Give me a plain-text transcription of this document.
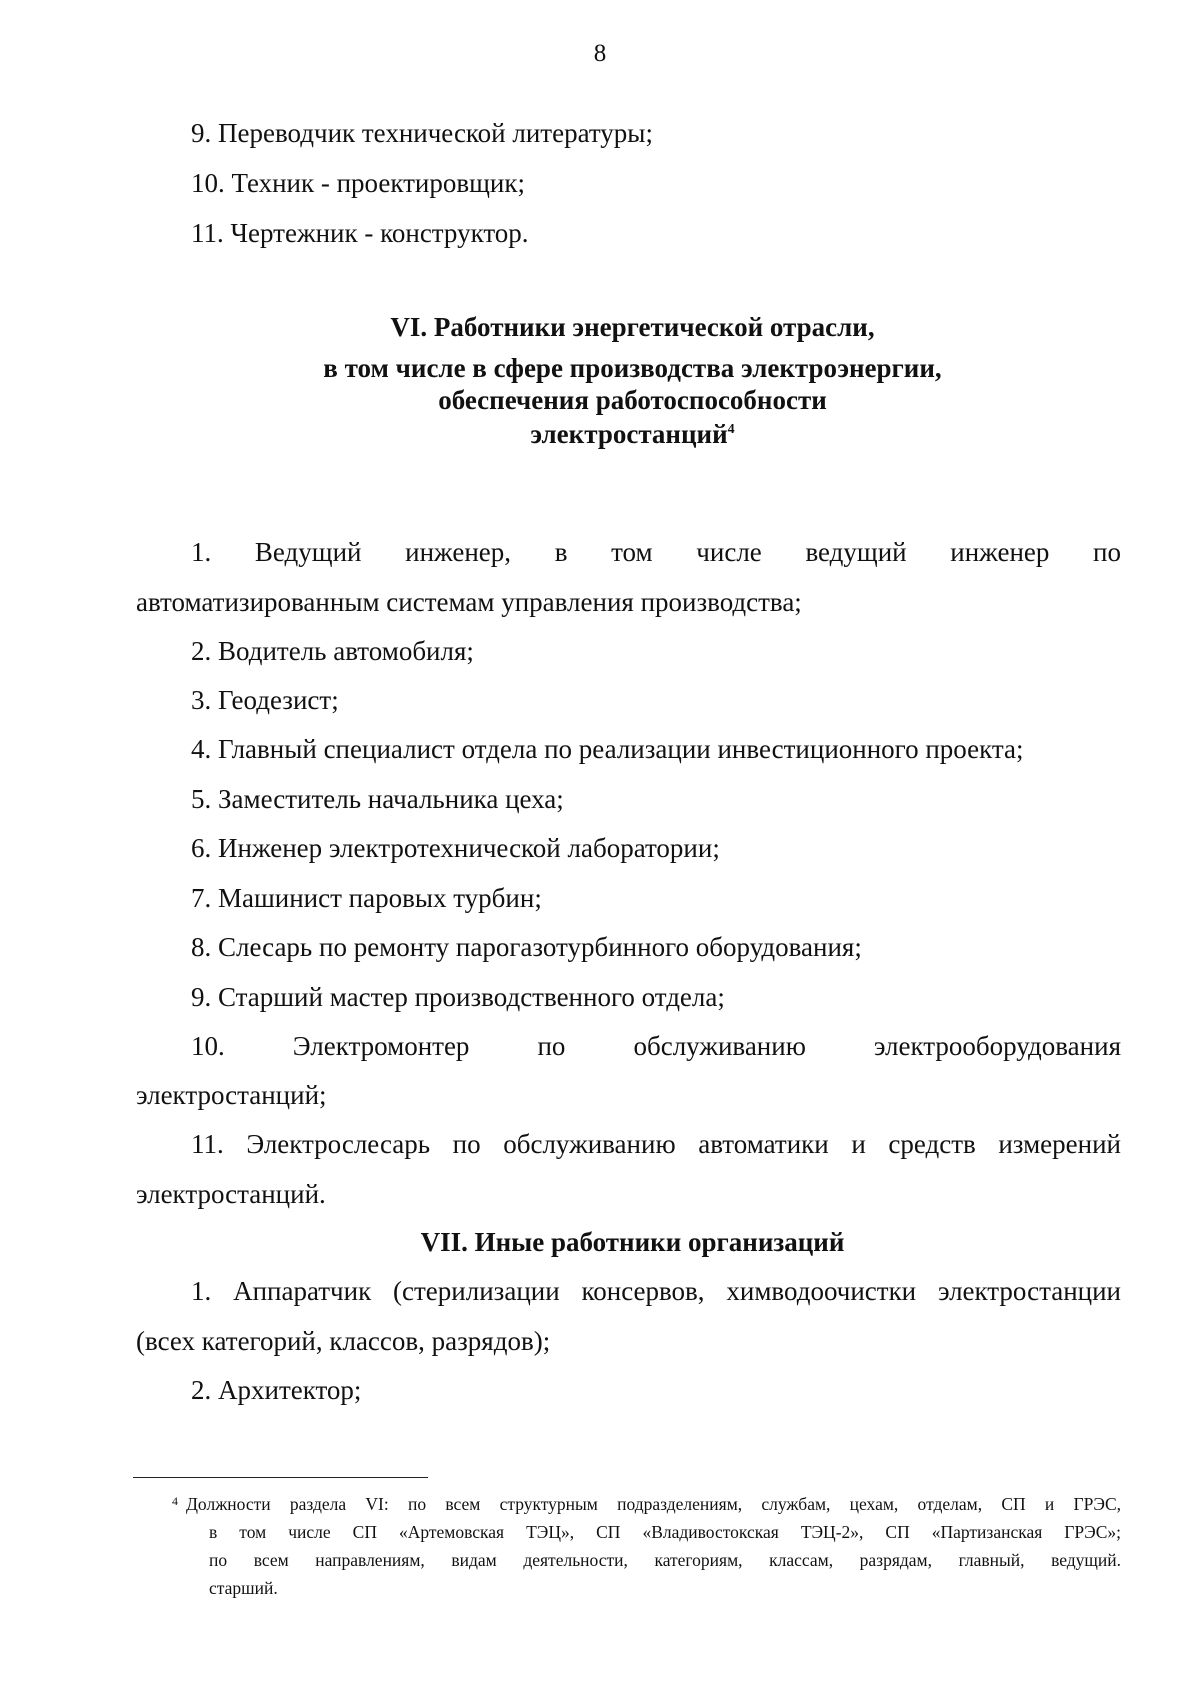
8
9. Переводчик технической литературы;
10. Техник - проектировщик;
11. Чертежник - конструктор.
VI. Работники энергетической отрасли,
в том числе в сфере производства электроэнергии,
обеспечения работоспособности
электростанций$^4$
1. Ведущий инженер, в том числе ведущий инженер по
автоматизированным системам управления производства;
2. Водитель автомобиля;
3. Геодезист;
4. Главный специалист отдела по реализации инвестиционного проекта;
5. Заместитель начальника цеха;
6. Инженер электротехнической лаборатории;
7. Машинист паровых турбин;
8. Слесарь по ремонту парогазотурбинного оборудования;
9. Старший мастер производственного отдела;
10. Электромонтер по обслуживанию электрооборудования
электростанций;
11. Электрослесарь по обслуживанию автоматики и средств измерений
электростанций.
VII. Иные работники организаций
1. Аппаратчик (стерилизации консервов, химводоочистки электростанции
(всех категорий, классов, разрядов);
2. Архитектор;
4 Должности раздела VI: по всем структурным подразделениям, службам, цехам, отделам, СП и ГРЭС,
в том числе СП «Артемовская ТЭЦ», СП «Владивостокская ТЭЦ-2», СП «Партизанская ГРЭС»;
по всем направлениям, видам деятельности, категориям, классам, разрядам, главный, ведущий.
старший.
